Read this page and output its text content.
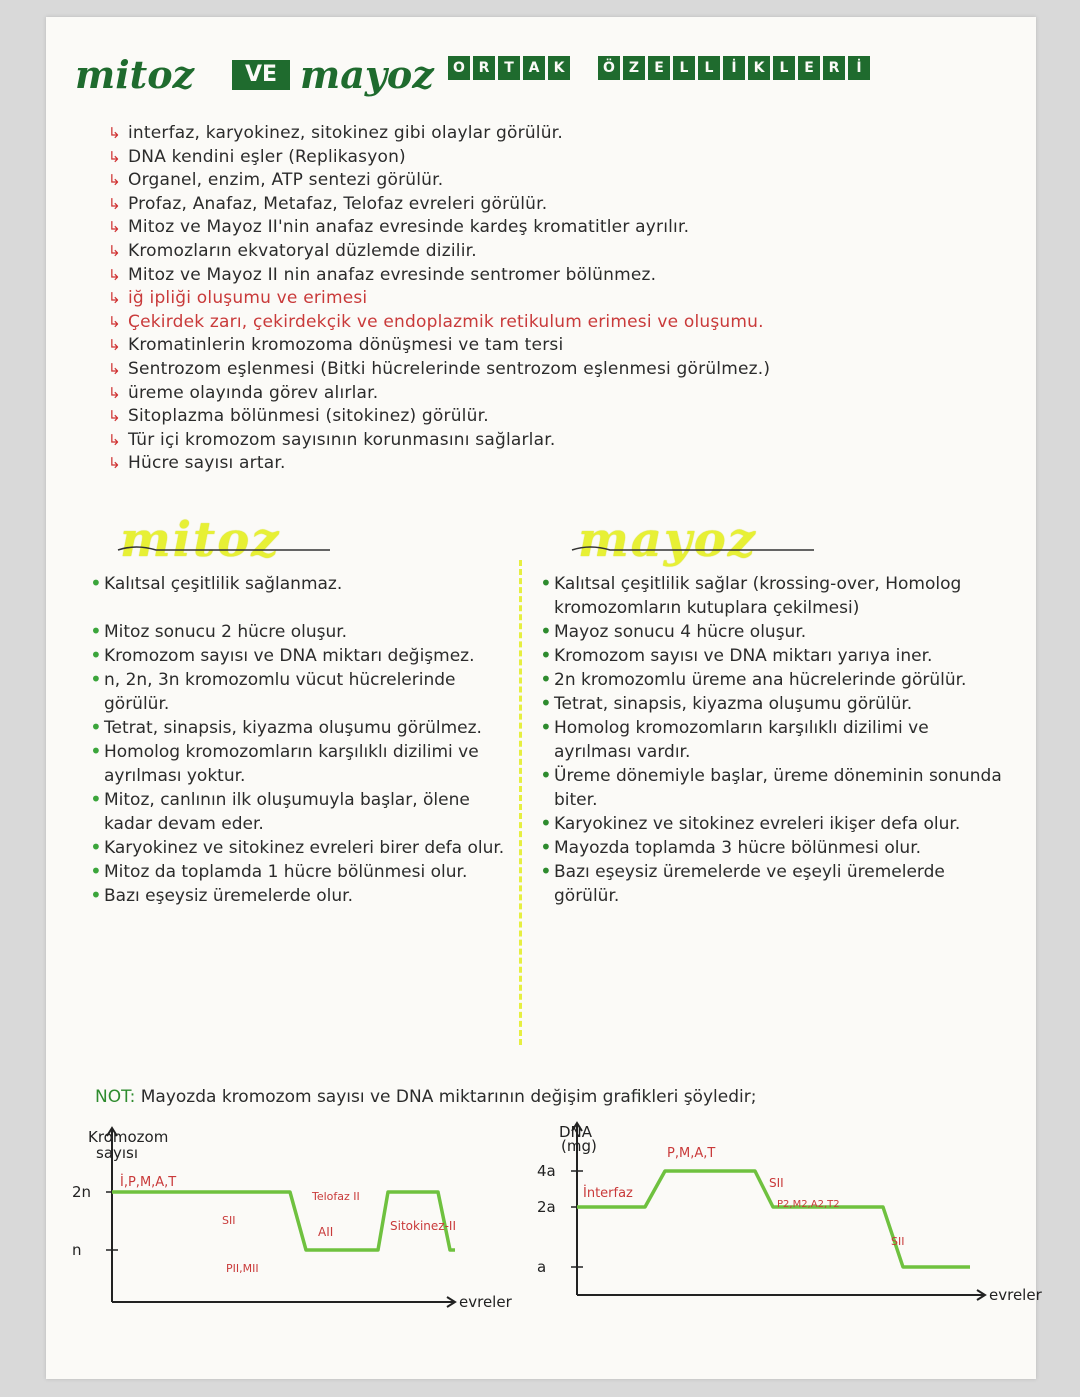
mitoz	VE mayoz	O R	T	A	K	Ö Z	E	L	L	İ	K	L	E	R	İ
↳ interfaz, karyokinez, sitokinez gibi olaylar görülür.
↳ DNA kendini eşler (Replikasyon)
↳ Organel, enzim, ATP sentezi görülür.
↳ Profaz, Anafaz, Metafaz, Telofaz evreleri görülür.
↳ Mitoz ve Mayoz II'nin anafaz evresinde kardeş kromatitler ayrılır.
↳ Kromozların ekvatoryal düzlemde dizilir.
↳ Mitoz ve Mayoz II nin anafaz evresinde sentromer bölünmez.
↳ iğ ipliği oluşumu ve erimesi
↳ Çekirdek zarı, çekirdekçik ve endoplazmik retikulum erimesi ve oluşumu.
↳ Kromatinlerin kromozoma dönüşmesi ve tam tersi
↳ Sentrozom eşlenmesi (Bitki hücrelerinde sentrozom eşlenmesi görülmez.)
↳ üreme olayında görev alırlar.
↳ Sitoplazma bölünmesi (sitokinez) görülür.
↳ Tür içi kromozom sayısının korunmasını sağlarlar.
↳ Hücre sayısı artar.
mitoz	mayoz

• Kalıtsal çeşitlilik sağlanmaz.

• Mitoz sonucu 2 hücre oluşur.

• Kromozom sayısı ve DNA miktarı değişmez.

• n, 2n, 3n kromozomlu vücut hücrelerinde görülür.

• Tetrat, sinapsis, kiyazma oluşumu görülmez.

• Homolog kromozomların karşılıklı dizilimi ve ayrılması yoktur.

• Mitoz, canlının ilk oluşumuyla başlar, ölene kadar devam eder.

• Karyokinez ve sitokinez evreleri birer defa olur.

• Mitoz da toplamda 1 hücre bölünmesi olur.

• Bazı eşeysiz üremelerde olur.

• Kalıtsal çeşitlilik sağlar (krossing-over, Homolog kromozomların kutuplara çekilmesi)

• Mayoz sonucu 4 hücre oluşur.

• Kromozom sayısı ve DNA miktarı yarıya iner.

• 2n kromozomlu üreme ana hücrelerinde görülür.

• Tetrat, sinapsis, kiyazma oluşumu görülür.

• Homolog kromozomların karşılıklı dizilimi ve ayrılması vardır.

• Üreme dönemiyle başlar, üreme döneminin sonunda biter.

• Karyokinez ve sitokinez evreleri ikişer defa olur.

• Mayozda toplamda 3 hücre bölünmesi olur.

• Bazı eşeysiz üremelerde ve eşeyli üremelerde görülür.

NOT: Mayozda kromozom sayısı ve DNA miktarının değişim grafikleri şöyledir;
Kromozom
sayısı
evreler
2n
n
İ,P,M,A,T
SII
PII,MII
AII
Telofaz II
Sitokinez-II
DNA
(mg)
evreler
4a
2a
a
İnterfaz
P,M,A,T
SII
P2,M2,A2,T2
SII
